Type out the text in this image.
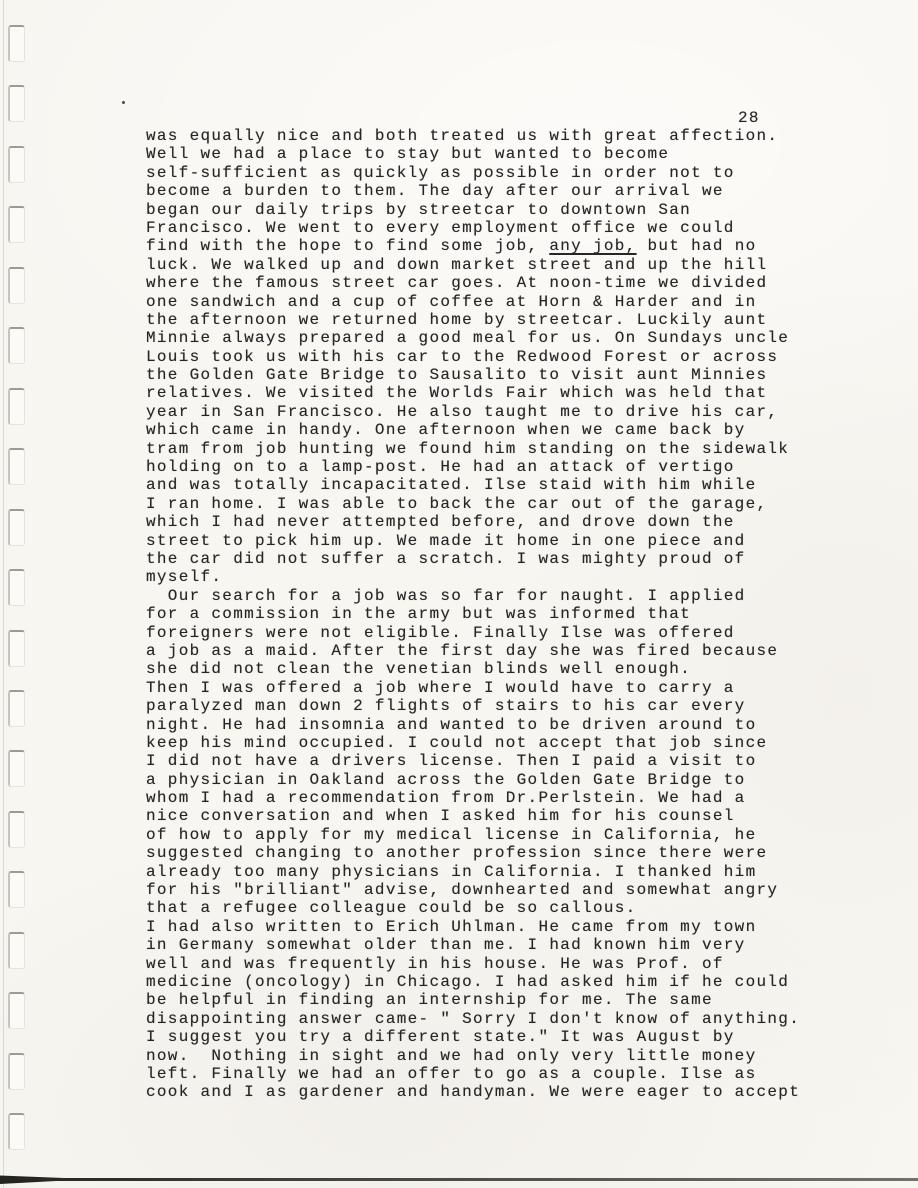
28
was equally nice and both treated us with great affection.
Well we had a place to stay but wanted to become
self-sufficient as quickly as possible in order not to
become a burden to them. The day after our arrival we
began our daily trips by streetcar to downtown San
Francisco. We went to every employment office we could
find with the hope to find some job, any job, but had no
luck. We walked up and down market street and up the hill
where the famous street car goes. At noon-time we divided
one sandwich and a cup of coffee at Horn & Harder and in
the afternoon we returned home by streetcar. Luckily aunt
Minnie always prepared a good meal for us. On Sundays uncle
Louis took us with his car to the Redwood Forest or across
the Golden Gate Bridge to Sausalito to visit aunt Minnies
relatives. We visited the Worlds Fair which was held that
year in San Francisco. He also taught me to drive his car,
which came in handy. One afternoon when we came back by
tram from job hunting we found him standing on the sidewalk
holding on to a lamp-post. He had an attack of vertigo
and was totally incapacitated. Ilse staid with him while
I ran home. I was able to back the car out of the garage,
which I had never attempted before, and drove down the
street to pick him up. We made it home in one piece and
the car did not suffer a scratch. I was mighty proud of
myself.
Our search for a job was so far for naught. I applied
for a commission in the army but was informed that
foreigners were not eligible. Finally Ilse was offered
a job as a maid. After the first day she was fired because
she did not clean the venetian blinds well enough.
Then I was offered a job where I would have to carry a
paralyzed man down 2 flights of stairs to his car every
night. He had insomnia and wanted to be driven around to
keep his mind occupied. I could not accept that job since
I did not have a drivers license. Then I paid a visit to
a physician in Oakland across the Golden Gate Bridge to
whom I had a recommendation from Dr.Perlstein. We had a
nice conversation and when I asked him for his counsel
of how to apply for my medical license in California, he
suggested changing to another profession since there were
already too many physicians in California. I thanked him
for his "brilliant" advise, downhearted and somewhat angry
that a refugee colleague could be so callous.
I had also written to Erich Uhlman. He came from my town
in Germany somewhat older than me. I had known him very
well and was frequently in his house. He was Prof. of
medicine (oncology) in Chicago. I had asked him if he could
be helpful in finding an internship for me. The same
disappointing answer came- " Sorry I don't know of anything.
I suggest you try a different state." It was August by
now.  Nothing in sight and we had only very little money
left. Finally we had an offer to go as a couple. Ilse as
cook and I as gardener and handyman. We were eager to accept
